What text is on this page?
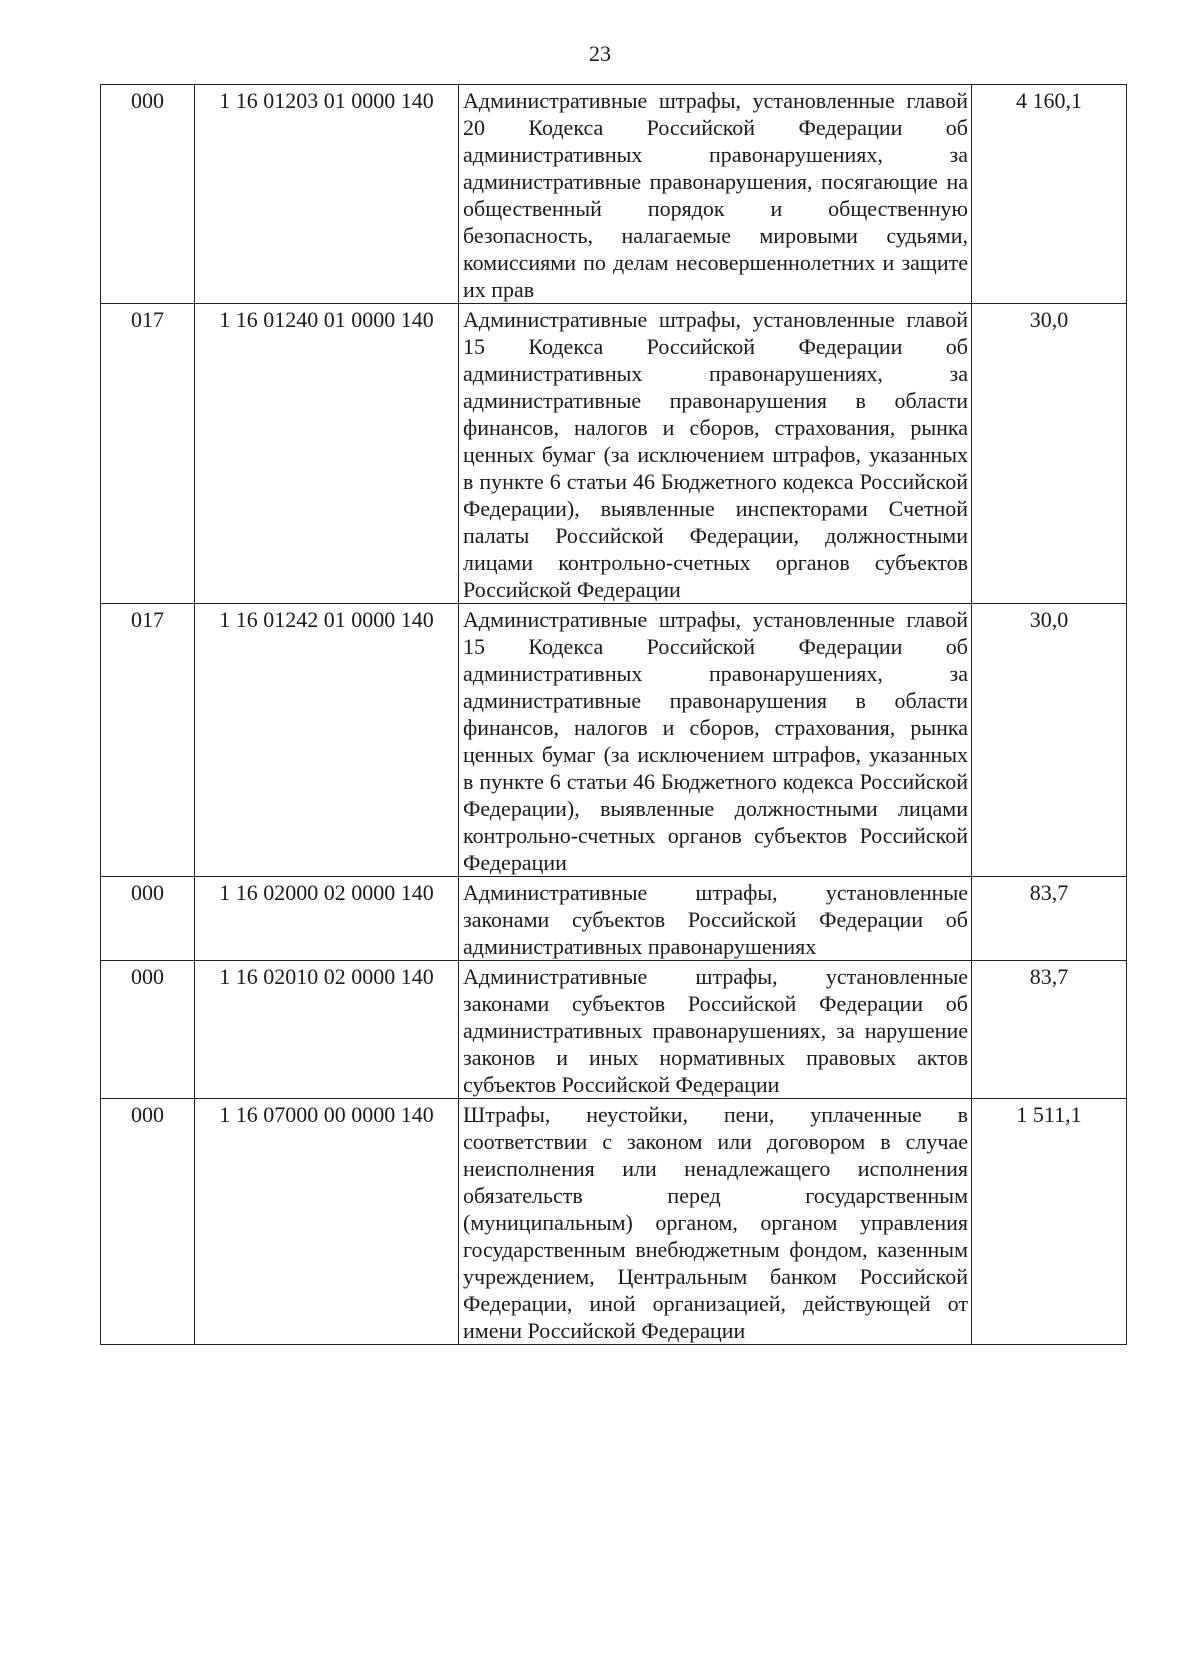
23
000	1 16 01203 01 0000 140	Административные штрафы, установленные главой 20 Кодекса Российской Федерации об административных правонарушениях, за административные правонарушения, посягающие на общественный порядок и общественную безопасность, налагаемые мировыми судьями, комиссиями по делам несовершеннолетних и защите их прав	4 160,1
017	1 16 01240 01 0000 140	Административные штрафы, установленные главой 15 Кодекса Российской Федерации об административных правонарушениях, за административные правонарушения в области финансов, налогов и сборов, страхования, рынка ценных бумаг (за исключением штрафов, указанных в пункте 6 статьи 46 Бюджетного кодекса Российской Федерации), выявленные инспекторами Счетной палаты Российской Федерации, должностными лицами контрольно-счетных органов субъектов Российской Федерации	30,0
017	1 16 01242 01 0000 140	Административные штрафы, установленные главой 15 Кодекса Российской Федерации об административных правонарушениях, за административные правонарушения в области финансов, налогов и сборов, страхования, рынка ценных бумаг (за исключением штрафов, указанных в пункте 6 статьи 46 Бюджетного кодекса Российской Федерации), выявленные должностными лицами контрольно-счетных органов субъектов Российской Федерации	30,0
000	1 16 02000 02 0000 140	Административные штрафы, установленные законами субъектов Российской Федерации об административных правонарушениях	83,7
000	1 16 02010 02 0000 140	Административные штрафы, установленные законами субъектов Российской Федерации об административных правонарушениях, за нарушение законов и иных нормативных правовых актов субъектов Российской Федерации	83,7
000	1 16 07000 00 0000 140	Штрафы, неустойки, пени, уплаченные в соответствии с законом или договором в случае неисполнения или ненадлежащего исполнения обязательств перед государственным (муниципальным) органом, органом управления государственным внебюджетным фондом, казенным учреждением, Центральным банком Российской Федерации, иной организацией, действующей от имени Российской Федерации	1 511,1
